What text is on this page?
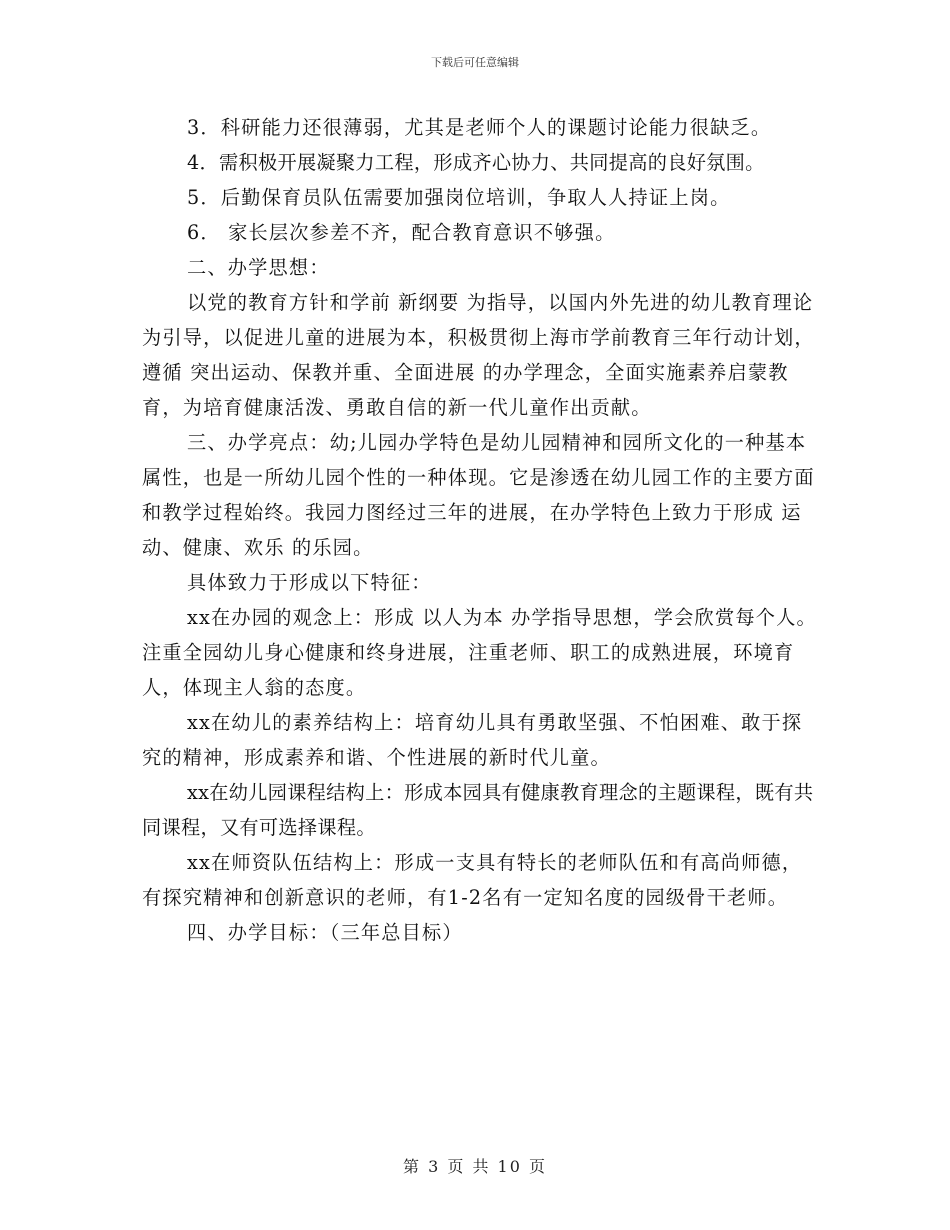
下载后可任意编辑

3．科研能力还很薄弱，尤其是老师个人的课题讨论能力很缺乏。

4．需积极开展凝聚力工程，形成齐心协力、共同提高的良好氛围。

5．后勤保育员队伍需要加强岗位培训，争取人人持证上岗。

6． 家长层次参差不齐，配合教育意识不够强。

二、办学思想：

以党的教育方针和学前 新纲要 为指导，以国内外先进的幼儿教育理论为引导，以促进儿童的进展为本，积极贯彻上海市学前教育三年行动计划，遵循 突出运动、保教并重、全面进展 的办学理念，全面实施素养启蒙教育，为培育健康活泼、勇敢自信的新一代儿童作出贡献。

三、办学亮点：幼;儿园办学特色是幼儿园精神和园所文化的一种基本属性，也是一所幼儿园个性的一种体现。它是渗透在幼儿园工作的主要方面和教学过程始终。我园力图经过三年的进展，在办学特色上致力于形成 运动、健康、欢乐 的乐园。

具体致力于形成以下特征：

xx在办园的观念上：形成 以人为本 办学指导思想，学会欣赏每个人。注重全园幼儿身心健康和终身进展，注重老师、职工的成熟进展，环境育人，体现主人翁的态度。

xx在幼儿的素养结构上：培育幼儿具有勇敢坚强、不怕困难、敢于探究的精神，形成素养和谐、个性进展的新时代儿童。

xx在幼儿园课程结构上：形成本园具有健康教育理念的主题课程，既有共同课程，又有可选择课程。

xx在师资队伍结构上：形成一支具有特长的老师队伍和有高尚师德，有探究精神和创新意识的老师，有1-2名有一定知名度的园级骨干老师。

四、办学目标：（三年总目标）

第 3 页 共 10 页
